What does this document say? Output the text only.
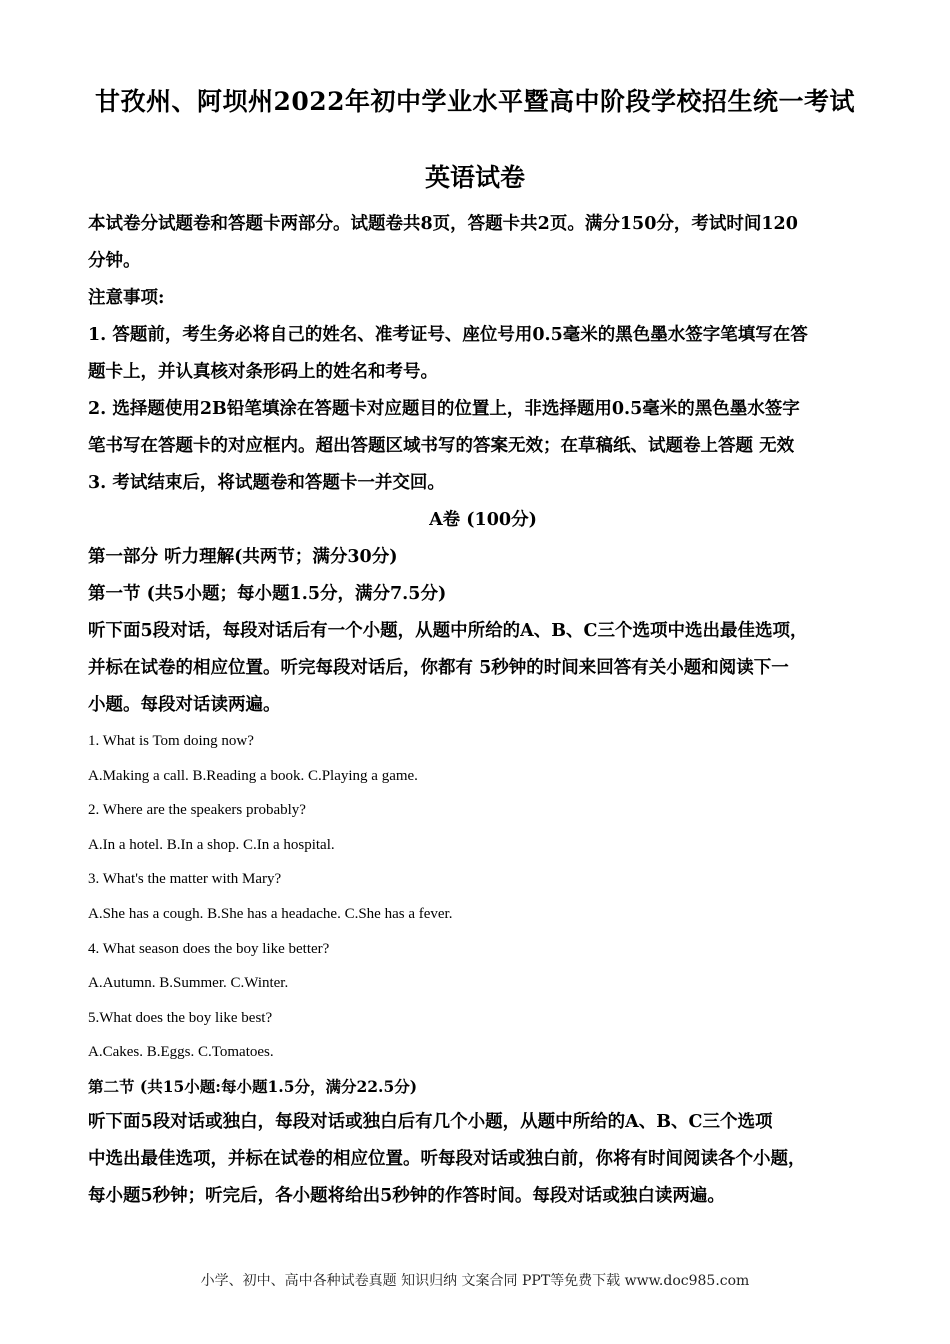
甘孜州、阿坝州2022年初中学业水平暨高中阶段学校招生统一考试
英语试卷
本试卷分试题卷和答题卡两部分。试题卷共8页，答题卡共2页。满分150分，考试时间120
分钟。
注意事项:
1. 答题前，考生务必将自己的姓名、准考证号、座位号用0.5毫米的黑色墨水签字笔填写在答
题卡上，并认真核对条形码上的姓名和考号。
2. 选择题使用2B铅笔填涂在答题卡对应题目的位置上，非选择题用0.5毫米的黑色墨水签字
笔书写在答题卡的对应框内。超出答题区域书写的答案无效；在草稿纸、试题卷上答题 无效
3. 考试结束后，将试题卷和答题卡一并交回。
A卷 (100分)
第一部分 听力理解(共两节；满分30分)
第一节 (共5小题；每小题1.5分，满分7.5分)
听下面5段对话，每段对话后有一个小题，从题中所给的A、B、C三个选项中选出最佳选项，
并标在试卷的相应位置。听完每段对话后，你都有 5秒钟的时间来回答有关小题和阅读下一
小题。每段对话读两遍。
1. What is Tom doing now?
A.Making a call. B.Reading a book. C.Playing a game.
2. Where are the speakers probably?
A.In a hotel. B.In a shop. C.In a hospital.
3. What's the matter with Mary?
A.She has a cough. B.She has a headache. C.She has a fever.
4. What season does the boy like better?
A.Autumn. B.Summer. C.Winter.
5.What does the boy like best?
A.Cakes. B.Eggs. C.Tomatoes.
第二节 (共15小题:每小题1.5分，满分22.5分)
听下面5段对话或独白，每段对话或独白后有几个小题，从题中所给的A、B、C三个选项
中选出最佳选项，并标在试卷的相应位置。听每段对话或独白前，你将有时间阅读各个小题，
每小题5秒钟；听完后，各小题将给出5秒钟的作答时间。每段对话或独白读两遍。
小学、初中、高中各种试卷真题 知识归纳 文案合同 PPT等免费下载 www.doc985.com
